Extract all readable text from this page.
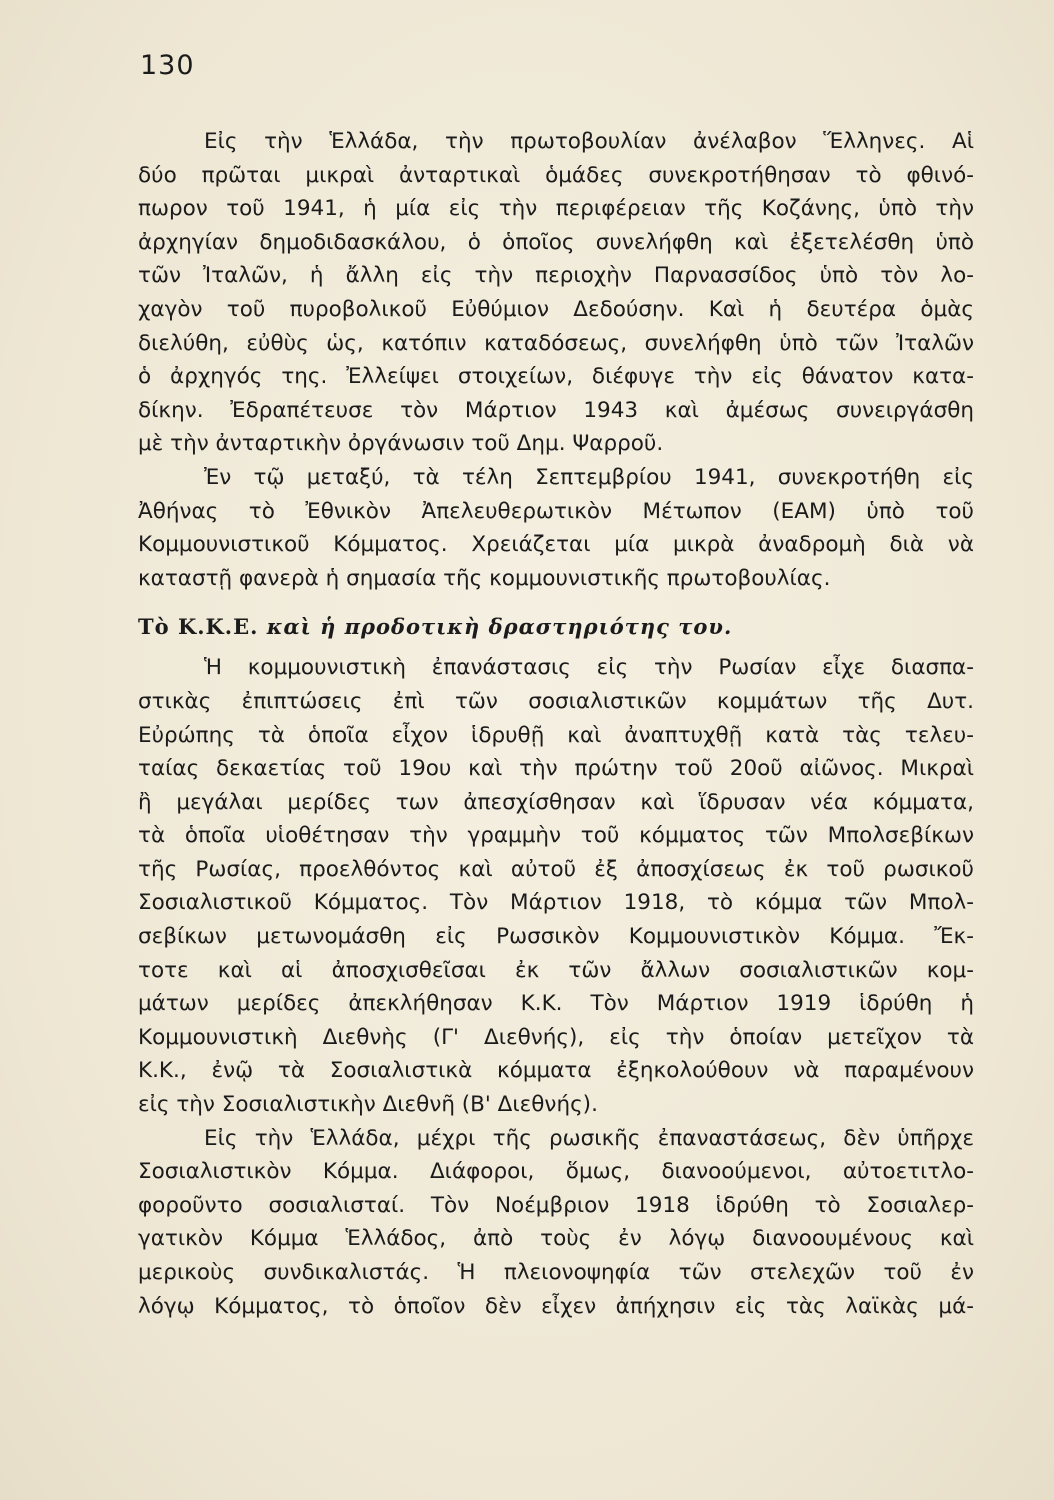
130
Εἰς τὴν Ἑλλάδα, τὴν πρωτοβουλίαν ἀνέλαβον Ἕλληνες. Αἱ
δύο πρῶται μικραὶ ἀνταρτικαὶ ὁμάδες συνεκροτήθησαν τὸ φθινό-
πωρον τοῦ 1941, ἡ μία εἰς τὴν περιφέρειαν τῆς Κοζάνης, ὑπὸ τὴν
ἀρχηγίαν δημοδιδασκάλου, ὁ ὁποῖος συνελήφθη καὶ ἐξετελέσθη ὑπὸ
τῶν Ἰταλῶν, ἡ ἄλλη εἰς τὴν περιοχὴν Παρνασσίδος ὑπὸ τὸν λο-
χαγὸν τοῦ πυροβολικοῦ Εὐθύμιον Δεδούσην. Καὶ ἡ δευτέρα ὁμὰς
διελύθη, εὐθὺς ὡς, κατόπιν καταδόσεως, συνελήφθη ὑπὸ τῶν Ἰταλῶν
ὁ ἀρχηγός της. Ἐλλείψει στοιχείων, διέφυγε τὴν εἰς θάνατον κατα-
δίκην. Ἐδραπέτευσε τὸν Μάρτιον 1943 καὶ ἀμέσως συνειργάσθη
μὲ τὴν ἀνταρτικὴν ὀργάνωσιν τοῦ Δημ. Ψαρροῦ.
Ἐν τῷ μεταξύ, τὰ τέλη Σεπτεμβρίου 1941, συνεκροτήθη εἰς
Ἀθήνας τὸ Ἐθνικὸν Ἀπελευθερωτικὸν Μέτωπον (ΕΑΜ) ὑπὸ τοῦ
Κομμουνιστικοῦ Κόμματος. Χρειάζεται μία μικρὰ ἀναδρομὴ διὰ νὰ
καταστῇ φανερὰ ἡ σημασία τῆς κομμουνιστικῆς πρωτοβουλίας.
Τὸ Κ.Κ.Ε. καὶ ἡ προδοτικὴ δραστηριότης του.
Ἡ κομμουνιστικὴ ἐπανάστασις εἰς τὴν Ρωσίαν εἶχε διασπα-
στικὰς ἐπιπτώσεις ἐπὶ τῶν σοσιαλιστικῶν κομμάτων τῆς Δυτ.
Εὐρώπης τὰ ὁποῖα εἶχον ἱδρυθῇ καὶ ἀναπτυχθῇ κατὰ τὰς τελευ-
ταίας δεκαετίας τοῦ 19ου καὶ τὴν πρώτην τοῦ 20οῦ αἰῶνος. Μικραὶ
ἢ μεγάλαι μερίδες των ἀπεσχίσθησαν καὶ ἵδρυσαν νέα κόμματα,
τὰ ὁποῖα υἱοθέτησαν τὴν γραμμὴν τοῦ κόμματος τῶν Μπολσεβίκων
τῆς Ρωσίας, προελθόντος καὶ αὐτοῦ ἐξ ἀποσχίσεως ἐκ τοῦ ρωσικοῦ
Σοσιαλιστικοῦ Κόμματος. Τὸν Μάρτιον 1918, τὸ κόμμα τῶν Μπολ-
σεβίκων μετωνομάσθη εἰς Ρωσσικὸν Κομμουνιστικὸν Κόμμα. Ἔκ-
τοτε καὶ αἱ ἀποσχισθεῖσαι ἐκ τῶν ἄλλων σοσιαλιστικῶν κομ-
μάτων μερίδες ἀπεκλήθησαν Κ.Κ. Τὸν Μάρτιον 1919 ἱδρύθη ἡ
Κομμουνιστικὴ Διεθνὴς (Γ' Διεθνής), εἰς τὴν ὁποίαν μετεῖχον τὰ
Κ.Κ., ἐνῷ τὰ Σοσιαλιστικὰ κόμματα ἐξηκολούθουν νὰ παραμένουν
εἰς τὴν Σοσιαλιστικὴν Διεθνῆ (Β' Διεθνής).
Εἰς τὴν Ἑλλάδα, μέχρι τῆς ρωσικῆς ἐπαναστάσεως, δὲν ὑπῆρχε
Σοσιαλιστικὸν Κόμμα. Διάφοροι, ὅμως, διανοούμενοι, αὐτοετιτλο-
φοροῦντο σοσιαλισταί. Τὸν Νοέμβριον 1918 ἱδρύθη τὸ Σοσιαλερ-
γατικὸν Κόμμα Ἑλλάδος, ἀπὸ τοὺς ἐν λόγῳ διανοουμένους καὶ
μερικοὺς συνδικαλιστάς. Ἡ πλειονοψηφία τῶν στελεχῶν τοῦ ἐν
λόγῳ Κόμματος, τὸ ὁποῖον δὲν εἶχεν ἀπήχησιν εἰς τὰς λαϊκὰς μά-
